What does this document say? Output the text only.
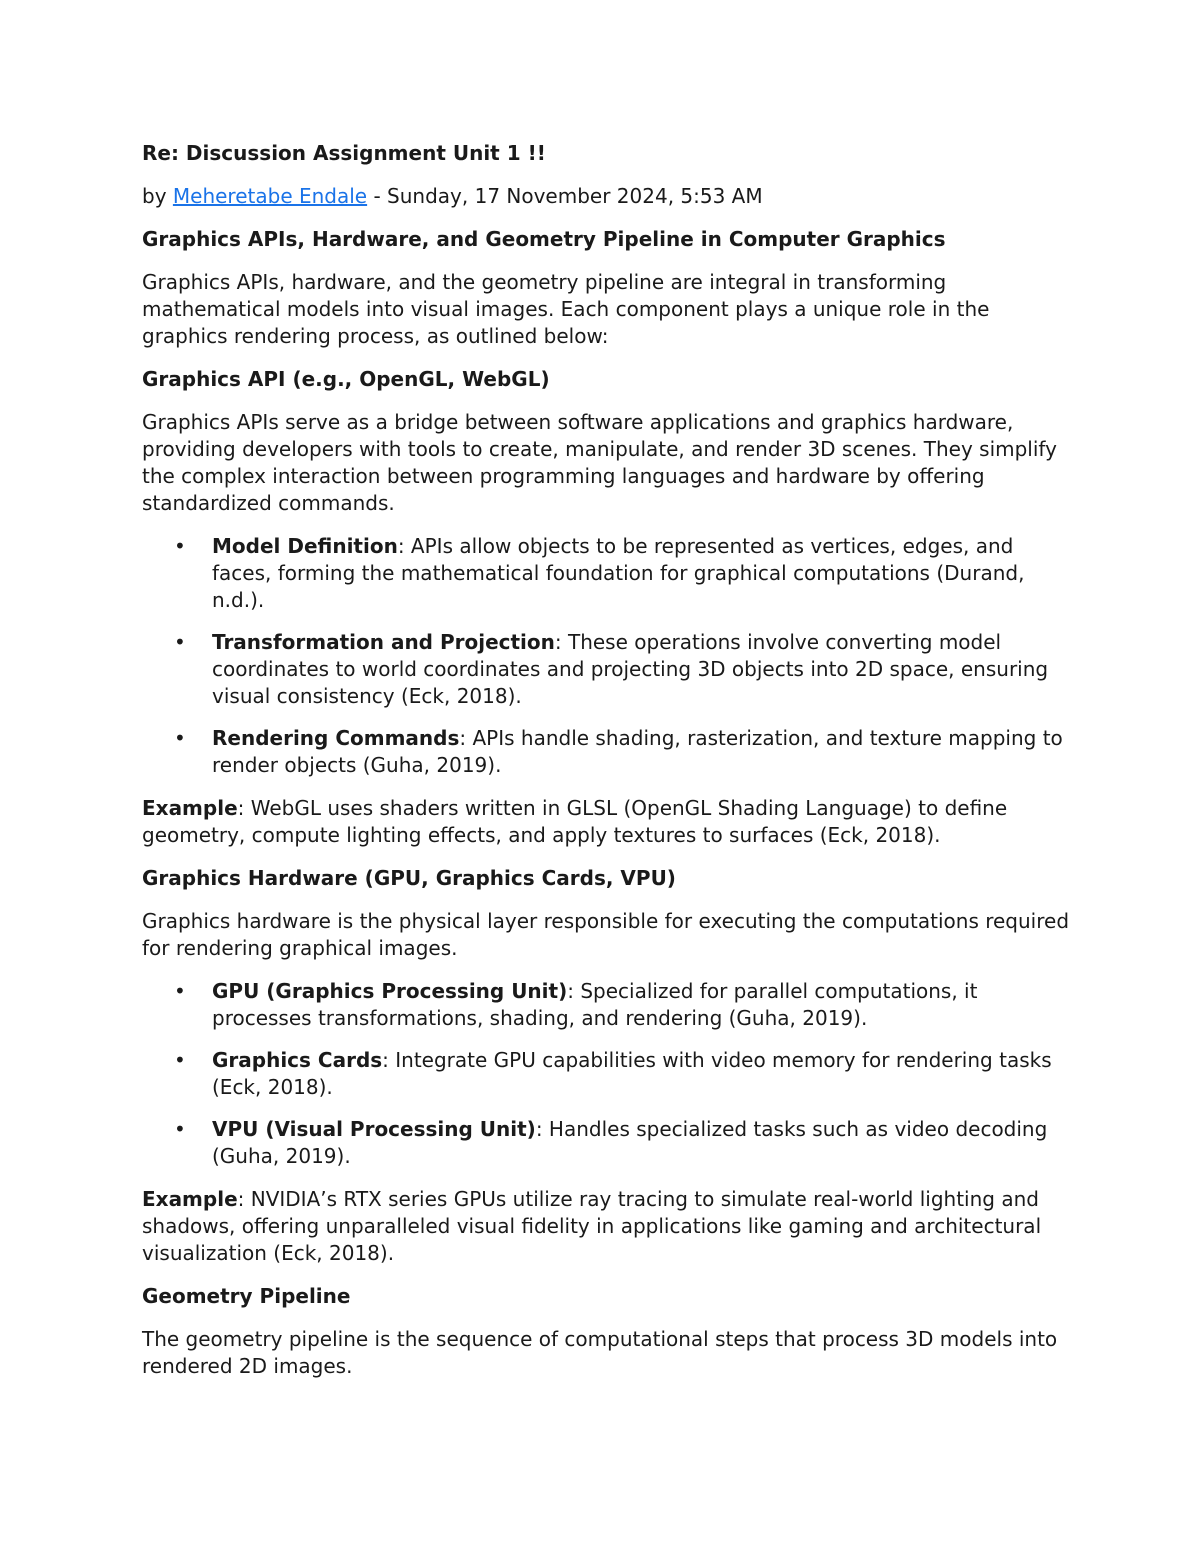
Re: Discussion Assignment Unit 1 !!
by Meheretabe Endale - Sunday, 17 November 2024, 5:53 AM
Graphics APIs, Hardware, and Geometry Pipeline in Computer Graphics

Graphics APIs, hardware, and the geometry pipeline are integral in transforming mathematical models into visual images. Each component plays a unique role in the graphics rendering process, as outlined below:

Graphics API (e.g., OpenGL, WebGL)

Graphics APIs serve as a bridge between software applications and graphics hardware, providing developers with tools to create, manipulate, and render 3D scenes. They simplify the complex interaction between programming languages and hardware by offering standardized commands.

• Model Definition: APIs allow objects to be represented as vertices, edges, and faces, forming the mathematical foundation for graphical computations (Durand, n.d.).
• Transformation and Projection: These operations involve converting model coordinates to world coordinates and projecting 3D objects into 2D space, ensuring visual consistency (Eck, 2018).
• Rendering Commands: APIs handle shading, rasterization, and texture mapping to render objects (Guha, 2019).

Example: WebGL uses shaders written in GLSL (OpenGL Shading Language) to define geometry, compute lighting effects, and apply textures to surfaces (Eck, 2018).

Graphics Hardware (GPU, Graphics Cards, VPU)

Graphics hardware is the physical layer responsible for executing the computations required for rendering graphical images.

• GPU (Graphics Processing Unit): Specialized for parallel computations, it processes transformations, shading, and rendering (Guha, 2019).
• Graphics Cards: Integrate GPU capabilities with video memory for rendering tasks (Eck, 2018).
• VPU (Visual Processing Unit): Handles specialized tasks such as video decoding (Guha, 2019).

Example: NVIDIA’s RTX series GPUs utilize ray tracing to simulate real-world lighting and shadows, offering unparalleled visual fidelity in applications like gaming and architectural visualization (Eck, 2018).

Geometry Pipeline

The geometry pipeline is the sequence of computational steps that process 3D models into rendered 2D images.
